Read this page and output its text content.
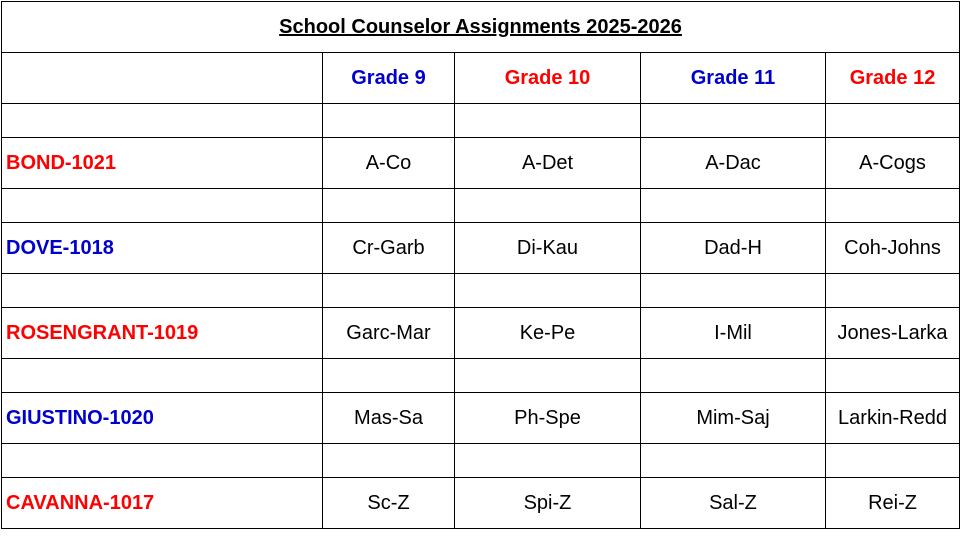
School Counselor Assignments 2025-2026				
	Grade 9	Grade 10	Grade 11	Grade 12

BOND-1021	A-Co	A-Det	A-Dac	A-Cogs

DOVE-1018	Cr-Garb	Di-Kau	Dad-H	Coh-Johns

ROSENGRANT-1019	Garc-Mar	Ke-Pe	I-Mil	Jones-Larka

GIUSTINO-1020	Mas-Sa	Ph-Spe	Mim-Saj	Larkin-Redd

CAVANNA-1017	Sc-Z	Spi-Z	Sal-Z	Rei-Z
